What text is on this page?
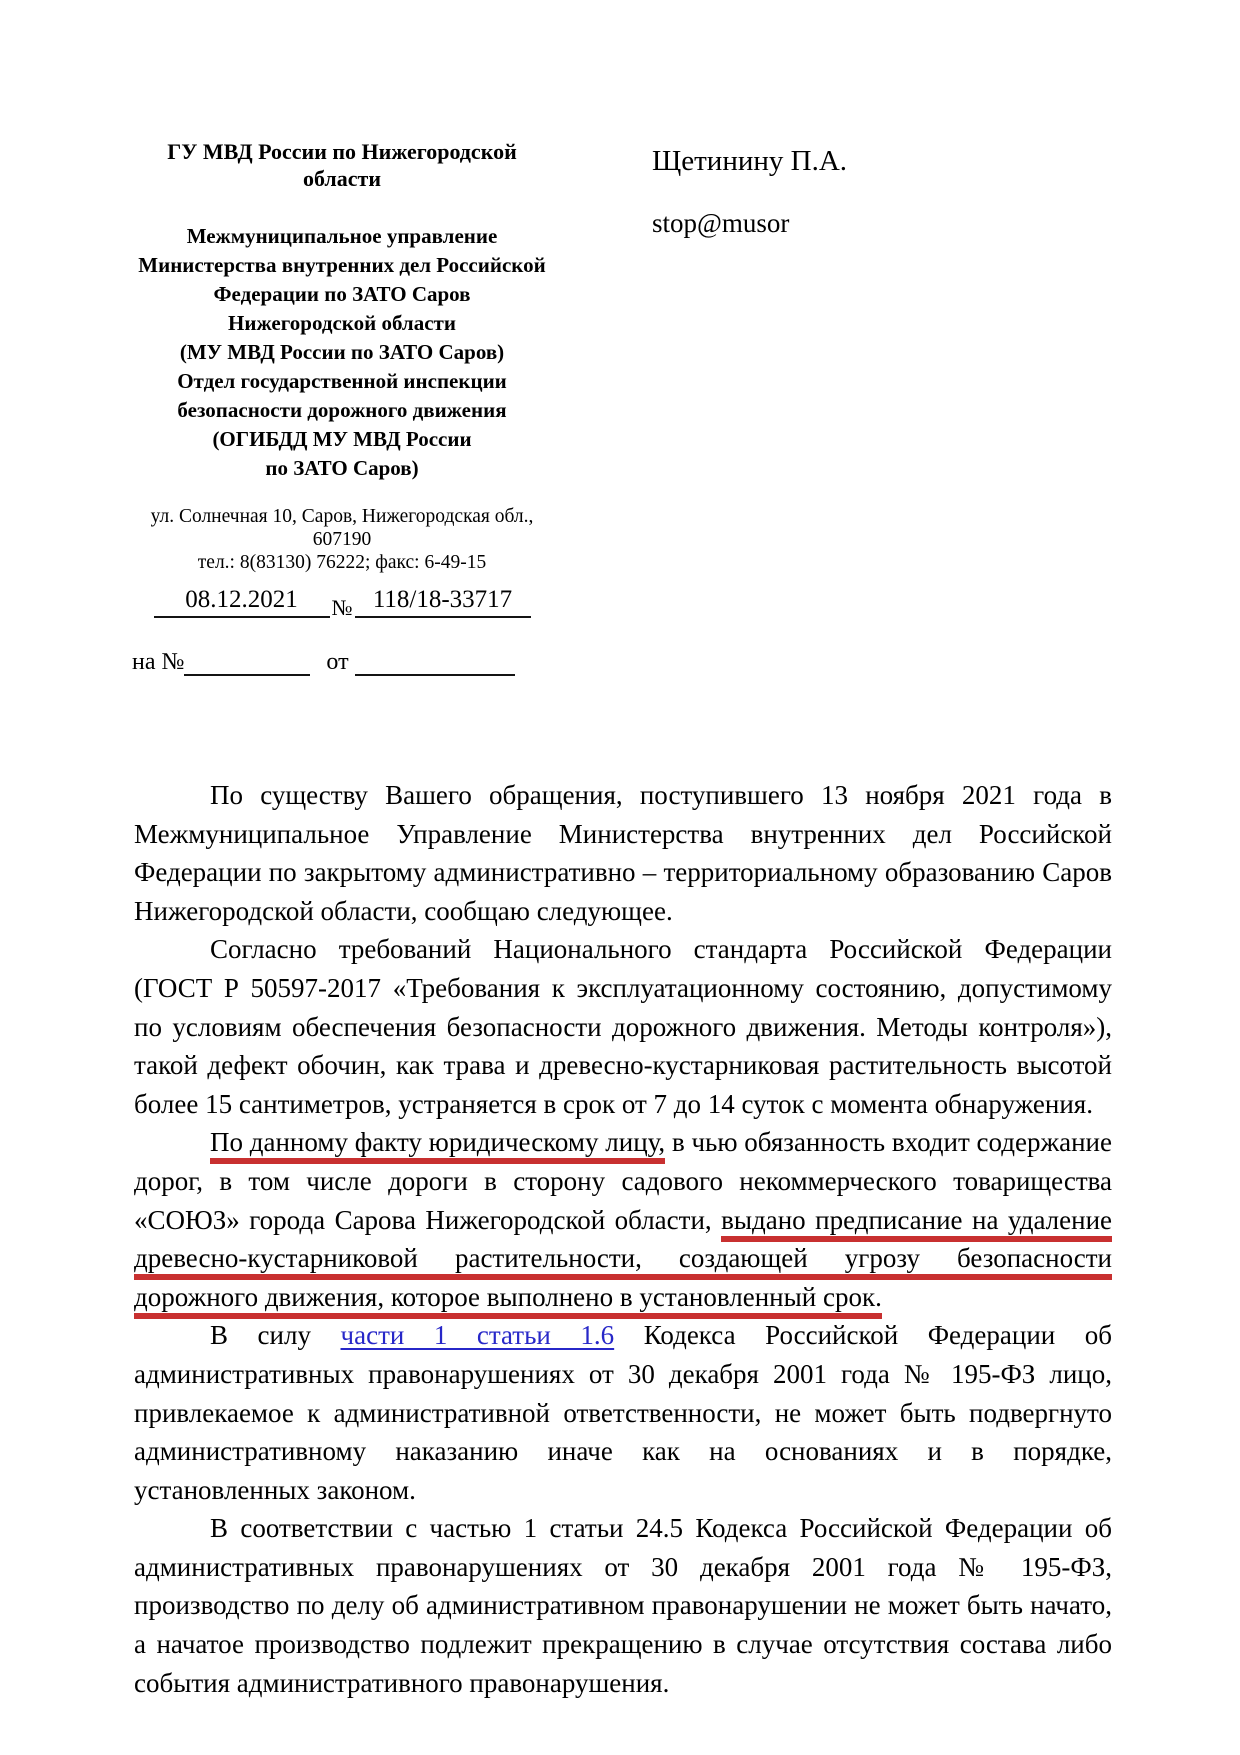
ГУ МВД России по Нижегородской области
Межмуниципальное управление
Министерства внутренних дел Российской
Федерации по ЗАТО Саров
Нижегородской области
(МУ МВД России по ЗАТО Саров)
Отдел государственной инспекции
безопасности дорожного движения
(ОГИБДД МУ МВД России
по ЗАТО Саров)
ул. Солнечная 10, Саров, Нижегородская обл.,
607190
тел.: 8(83130) 76222; факс: 6-49-15
08.12.2021 № 118/18-33717
на №	от
Щетинину П.А.
stop@musor

По существу Вашего обращения, поступившего 13 ноября 2021 года в Межмуниципальное Управление Министерства внутренних дел Российской Федерации по закрытому административно – территориальному образованию Саров Нижегородской области, сообщаю следующее.

Согласно требований Национального стандарта Российской Федерации (ГОСТ Р 50597-2017 «Требования к эксплуатационному состоянию, допустимому по условиям обеспечения безопасности дорожного движения. Методы контроля»), такой дефект обочин, как трава и древесно-кустарниковая растительность высотой более 15 сантиметров, устраняется в срок от 7 до 14 суток с момента обнаружения.

По данному факту юридическому лицу, в чью обязанность входит содержание дорог, в том числе дороги в сторону садового некоммерческого товарищества «СОЮЗ» города Сарова Нижегородской области, выдано предписание на удаление древесно-кустарниковой растительности, создающей угрозу безопасности дорожного движения, которое выполнено в установленный срок.

В силу части 1 статьи 1.6 Кодекса Российской Федерации об административных правонарушениях от 30 декабря 2001 года № 195-ФЗ лицо, привлекаемое к административной ответственности, не может быть подвергнуто административному наказанию иначе как на основаниях и в порядке, установленных законом.

В соответствии с частью 1 статьи 24.5 Кодекса Российской Федерации об административных правонарушениях от 30 декабря 2001 года № 195-ФЗ, производство по делу об административном правонарушении не может быть начато, а начатое производство подлежит прекращению в случае отсутствия состава либо события административного правонарушения.
